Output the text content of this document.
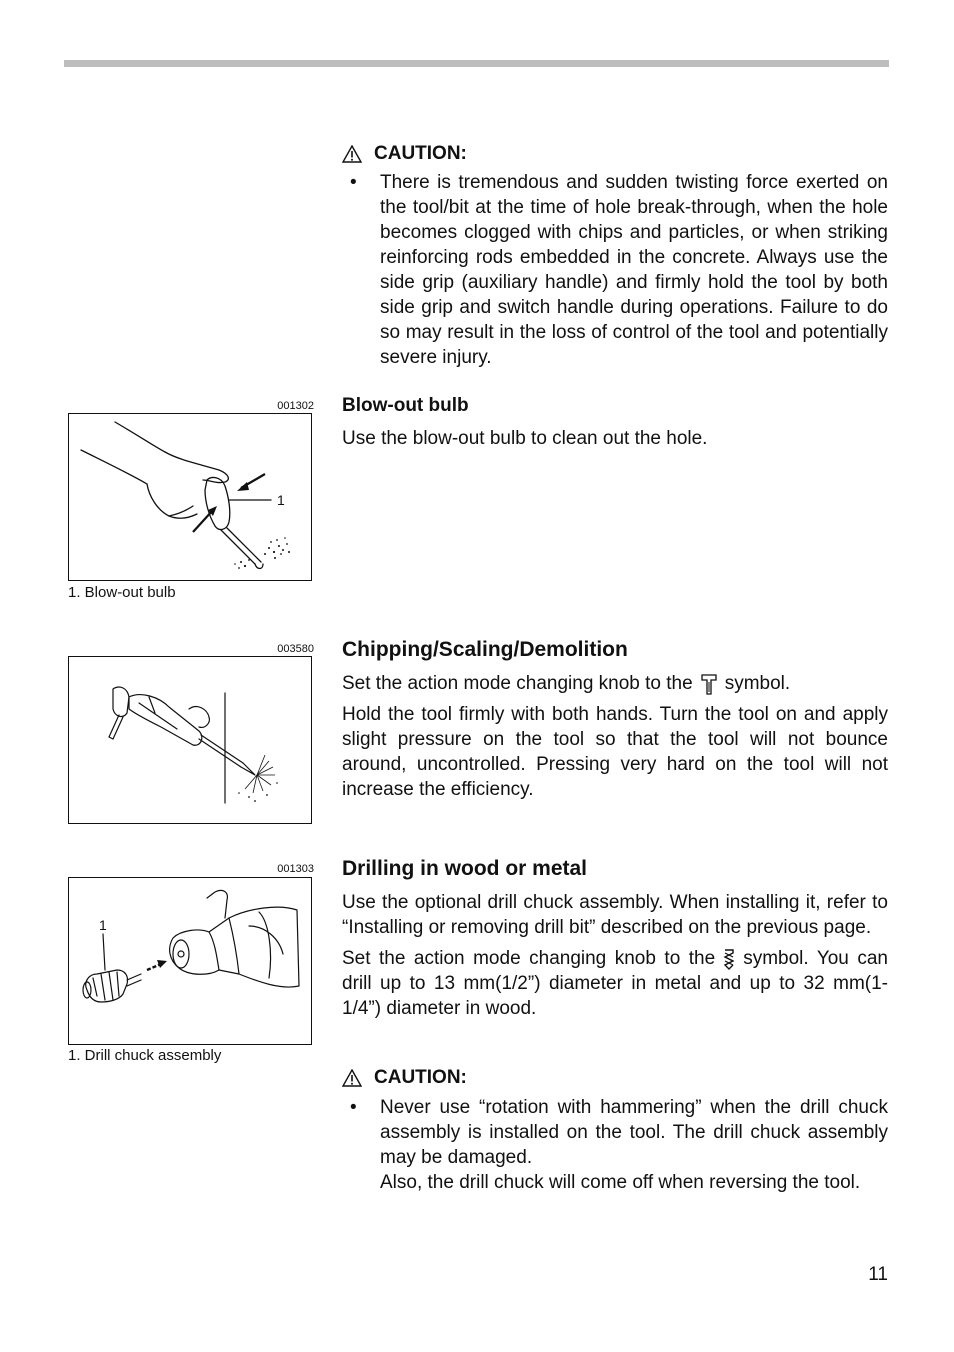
CAUTION:
•	There is tremendous and sudden twisting force exerted on the tool/bit at the time of hole break-through, when the hole becomes clogged with chips and particles, or when striking reinforcing rods embedded in the concrete. Always use the side grip (auxiliary handle) and firmly hold the tool by both side grip and switch handle during operations. Failure to do so may result in the loss of control of the tool and potentially severe injury.
001302
1
1. Blow-out bulb
Blow-out bulb

Use the blow-out bulb to clean out the hole.

003580 Chipping/Scaling/Demolition

Set the action mode changing knob to the symbol.

Hold the tool firmly with both hands. Turn the tool on and apply slight pressure on the tool so that the tool will not bounce around, uncontrolled. Pressing very hard on the tool will not increase the efficiency.

001303
1
1. Drill chuck assembly
Drilling in wood or metal

Use the optional drill chuck assembly. When installing it, refer to “Installing or removing drill bit” described on the previous page.

Set the action mode changing knob to the symbol. You can drill up to 13 mm(1/2”) diameter in metal and up to 32 mm(1-1/4”) diameter in wood.

CAUTION:
•	Never use “rotation with hammering” when the drill chuck assembly is installed on the tool. The drill chuck assembly may be damaged.
Also, the drill chuck will come off when reversing the tool.
11
